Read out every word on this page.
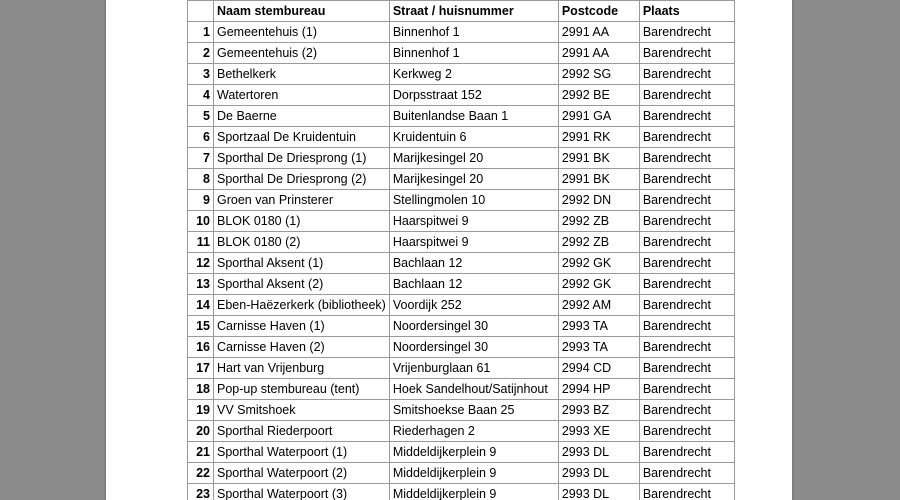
	Naam stembureau	Straat / huisnummer	Postcode	Plaats
1	Gemeentehuis (1)	Binnenhof 1	2991 AA	Barendrecht
2	Gemeentehuis (2)	Binnenhof 1	2991 AA	Barendrecht
3	Bethelkerk	Kerkweg 2	2992 SG	Barendrecht
4	Watertoren	Dorpsstraat 152	2992 BE	Barendrecht
5	De Baerne	Buitenlandse Baan 1	2991 GA	Barendrecht
6	Sportzaal De Kruidentuin	Kruidentuin 6	2991 RK	Barendrecht
7	Sporthal De Driesprong (1)	Marijkesingel 20	2991 BK	Barendrecht
8	Sporthal De Driesprong (2)	Marijkesingel 20	2991 BK	Barendrecht
9	Groen van Prinsterer	Stellingmolen 10	2992 DN	Barendrecht
10	BLOK 0180 (1)	Haarspitwei 9	2992 ZB	Barendrecht
11	BLOK 0180 (2)	Haarspitwei 9	2992 ZB	Barendrecht
12	Sporthal Aksent (1)	Bachlaan 12	2992 GK	Barendrecht
13	Sporthal Aksent (2)	Bachlaan 12	2992 GK	Barendrecht
14	Eben-Haëzerkerk (bibliotheek)	Voordijk 252	2992 AM	Barendrecht
15	Carnisse Haven (1)	Noordersingel 30	2993 TA	Barendrecht
16	Carnisse Haven (2)	Noordersingel 30	2993 TA	Barendrecht
17	Hart van Vrijenburg	Vrijenburglaan 61	2994 CD	Barendrecht
18	Pop-up stembureau (tent)	Hoek Sandelhout/Satijnhout	2994 HP	Barendrecht
19	VV Smitshoek	Smitshoekse Baan 25	2993 BZ	Barendrecht
20	Sporthal Riederpoort	Riederhagen 2	2993 XE	Barendrecht
21	Sporthal Waterpoort (1)	Middeldijkerplein 9	2993 DL	Barendrecht
22	Sporthal Waterpoort (2)	Middeldijkerplein 9	2993 DL	Barendrecht
23	Sporthal Waterpoort (3)	Middeldijkerplein 9	2993 DL	Barendrecht
